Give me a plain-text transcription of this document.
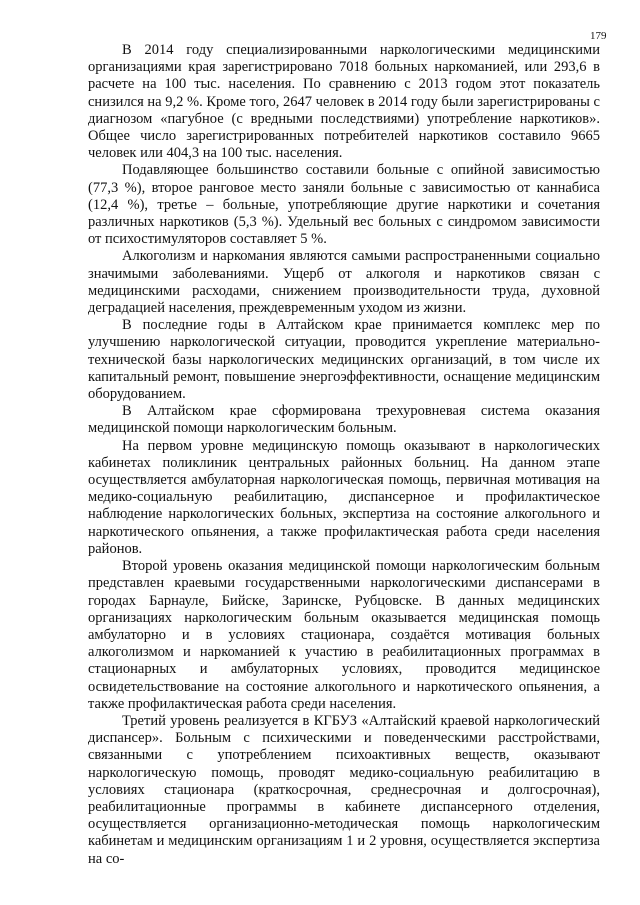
179

В 2014 году специализированными наркологическими медицинскими организациями края зарегистрировано 7018 больных наркоманией, или 293,6 в расчете на 100 тыс. населения. По сравнению с 2013 годом этот показатель снизился на 9,2 %. Кроме того, 2647 человек в 2014 году были зарегистрированы с диагнозом «пагубное (с вредными последствиями) употребление наркотиков». Общее число зарегистрированных потребителей наркотиков составило 9665 человек или 404,3 на 100 тыс. населения.

Подавляющее большинство составили больные с опийной зависимостью (77,3 %), второе ранговое место заняли больные с зависимостью от каннабиса (12,4 %), третье – больные, употребляющие другие наркотики и сочетания различных наркотиков (5,3 %). Удельный вес больных с синдромом зависимости от психостимуляторов составляет 5 %.

Алкоголизм и наркомания являются самыми распространенными социально значимыми заболеваниями. Ущерб от алкоголя и наркотиков связан с медицинскими расходами, снижением производительности труда, духовной деградацией населения, преждевременным уходом из жизни.

В последние годы в Алтайском крае принимается комплекс мер по улучшению наркологической ситуации, проводится укрепление материально-технической базы наркологических медицинских организаций, в том числе их капитальный ремонт, повышение энергоэффективности, оснащение медицинским оборудованием.

В Алтайском крае сформирована трехуровневая система оказания медицинской помощи наркологическим больным.

На первом уровне медицинскую помощь оказывают в наркологических кабинетах поликлиник центральных районных больниц. На данном этапе осуществляется амбулаторная наркологическая помощь, первичная мотивация на медико-социальную реабилитацию, диспансерное и профилактическое наблюдение наркологических больных, экспертиза на состояние алкогольного и наркотического опьянения, а также профилактическая работа среди населения районов.

Второй уровень оказания медицинской помощи наркологическим больным представлен краевыми государственными наркологическими диспансерами в городах Барнауле, Бийске, Заринске, Рубцовске. В данных медицинских организациях наркологическим больным оказывается медицинская помощь амбулаторно и в условиях стационара, создаётся мотивация больных алкоголизмом и наркоманией к участию в реабилитационных программах в стационарных и амбулаторных условиях, проводится медицинское освидетельствование на состояние алкогольного и наркотического опьянения, а также профилактическая работа среди населения.

Третий уровень реализуется в КГБУЗ «Алтайский краевой наркологический диспансер». Больным с психическими и поведенческими расстройствами, связанными с употреблением психоактивных веществ, оказывают наркологическую помощь, проводят медико-социальную реабилитацию в условиях стационара (краткосрочная, среднесрочная и долгосрочная), реабилитационные программы в кабинете диспансерного отделения, осуществляется организационно-методическая помощь наркологическим кабинетам и медицинским организациям 1 и 2 уровня, осуществляется экспертиза на со-
